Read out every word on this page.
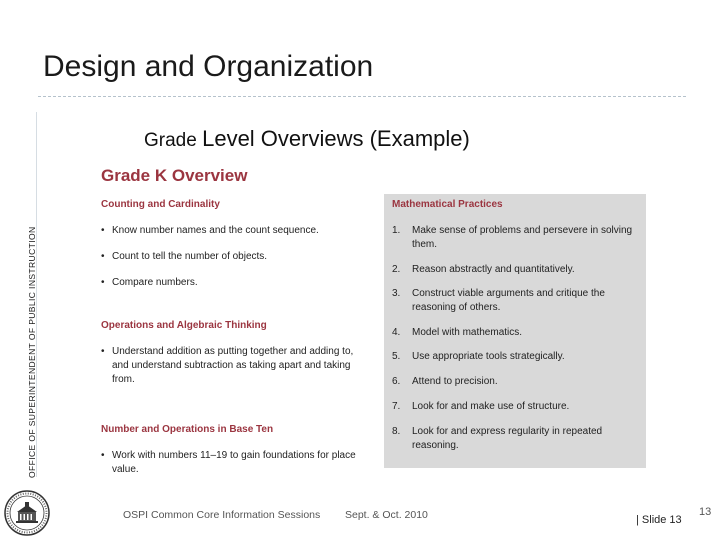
Design and Organization
OFFICE OF SUPERINTENDENT OF PUBLIC INSTRUCTION
Grade Level Overviews (Example)
Grade K Overview
Counting and Cardinality
• Know number names and the count sequence.
• Count to tell the number of objects.
• Compare numbers.
Operations and Algebraic Thinking
• Understand addition as putting together and adding to, and understand subtraction as taking apart and taking from.
Number and Operations in Base Ten
• Work with numbers 11–19 to gain foundations for place value.
Mathematical Practices
1. Make sense of problems and persevere in solving them.
2. Reason abstractly and quantitatively.
3. Construct viable arguments and critique the reasoning of others.
4. Model with mathematics.
5. Use appropriate tools strategically.
6. Attend to precision.
7. Look for and make use of structure.
8. Look for and express regularity in repeated reasoning.
OSPI Common Core Information Sessions Sept. & Oct. 2010	| Slide 13
13
